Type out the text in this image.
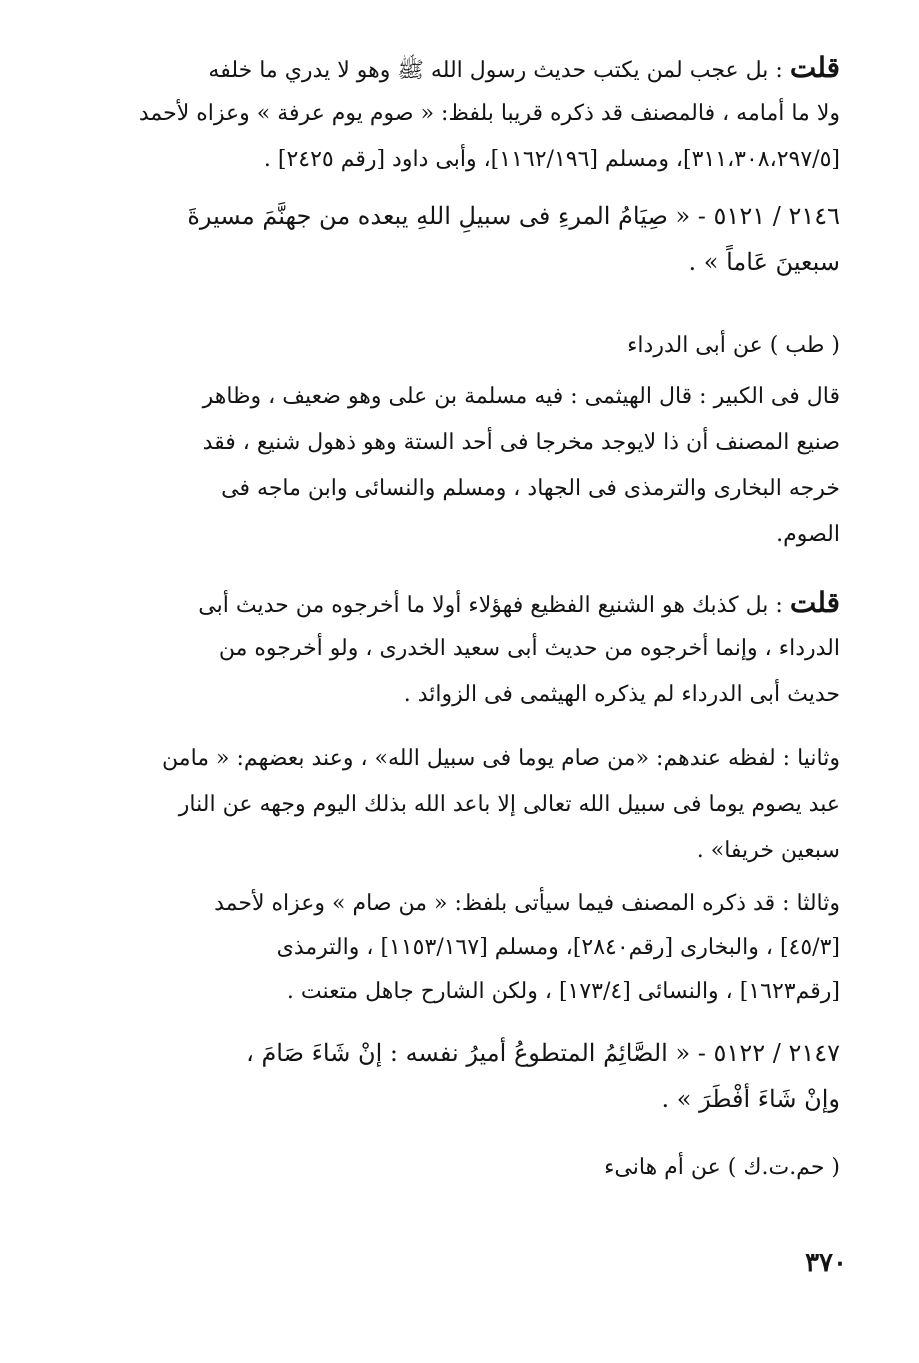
قلت : بل عجب لمن يكتب حديث رسول الله ﷺ وهو لا يدري ما خلفه
ولا ما أمامه ، فالمصنف قد ذكره قريبا بلفظ: « صوم يوم عرفة » وعزاه لأحمد
[٣١١،٣٠٨،٢٩٧/٥]، ومسلم [١١٦٢/١٩٦]، وأبى داود [رقم ٢٤٢٥] .
٢١٤٦ / ٥١٢١ - « صِيَامُ المرءِ فى سبيلِ اللهِ يبعده من جهنَّمَ مسيرةَ
سبعينَ عَاماً » .
( طب ) عن أبى الدرداء
قال فى الكبير : قال الهيثمى : فيه مسلمة بن على وهو ضعيف ، وظاهر
صنيع المصنف أن ذا لايوجد مخرجا فى أحد الستة وهو ذهول شنيع ، فقد
خرجه البخارى والترمذى فى الجهاد ، ومسلم والنسائى وابن ماجه فى
الصوم.
قلت : بل كذبك هو الشنيع الفظيع فهؤلاء أولا ما أخرجوه من حديث أبى
الدرداء ، وإنما أخرجوه من حديث أبى سعيد الخدرى ، ولو أخرجوه من
حديث أبى الدرداء لم يذكره الهيثمى فى الزوائد .
وثانيا : لفظه عندهم: «من صام يوما فى سبيل الله» ، وعند بعضهم: « مامن
عبد يصوم يوما فى سبيل الله تعالى إلا باعد الله بذلك اليوم وجهه عن النار
سبعين خريفا» .
وثالثا : قد ذكره المصنف فيما سيأتى بلفظ: « من صام » وعزاه لأحمد
[٤٥/٣] ، والبخارى [رقم٢٨٤٠]، ومسلم [١١٥٣/١٦٧] ، والترمذى
[رقم١٦٢٣] ، والنسائى [١٧٣/٤] ، ولكن الشارح جاهل متعنت .
٢١٤٧ / ٥١٢٢ - « الصَّائِمُ المتطوعُ أميرُ نفسه : إنْ شَاءَ صَامَ ،
وإنْ شَاءَ أفْطَرَ » .
( حم.ت.ك ) عن أم هانىء
٣٧٠
